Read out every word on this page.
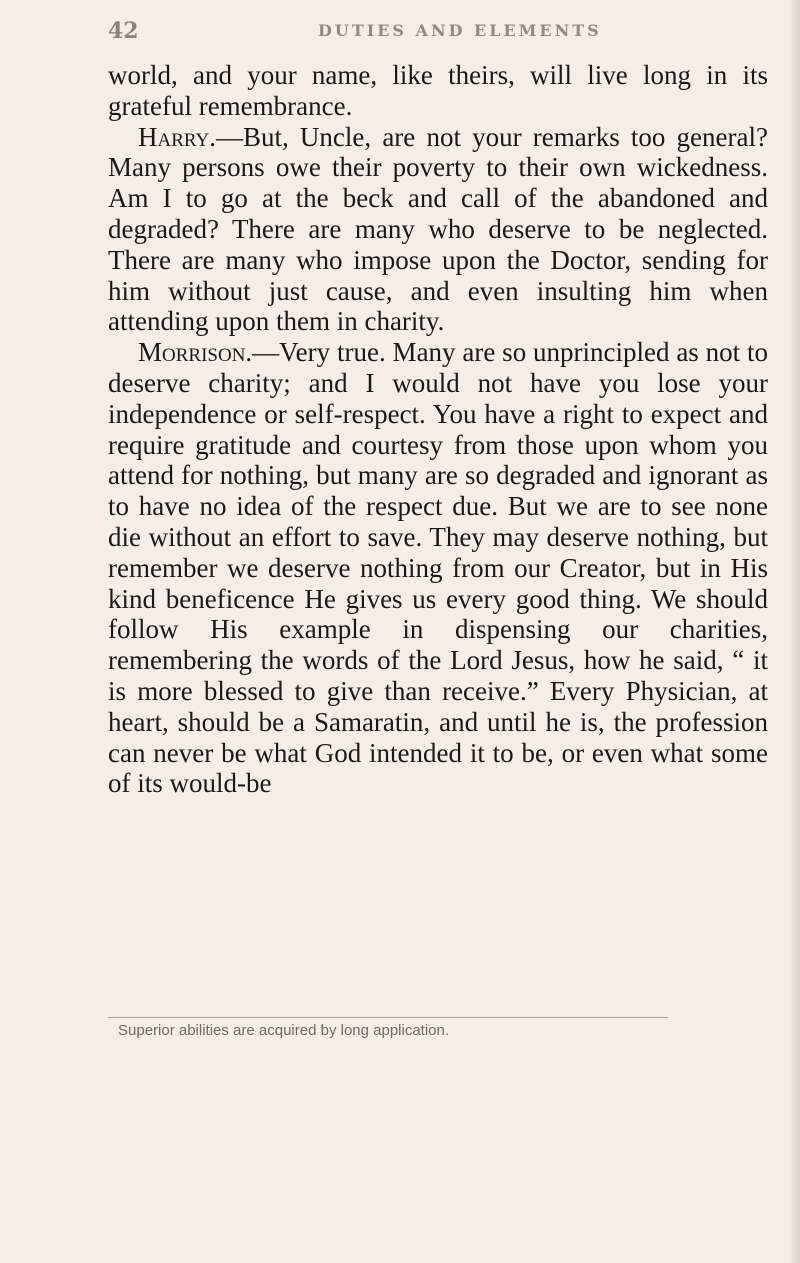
42	DUTIES AND ELEMENTS

world, and your name, like theirs, will live long in its grateful remembrance.

Harry.—But, Uncle, are not your remarks too general? Many persons owe their poverty to their own wickedness. Am I to go at the beck and call of the abandoned and degraded? There are many who deserve to be neglected. There are many who impose upon the Doctor, sending for him without just cause, and even insulting him when attending upon them in charity.

Morrison.—Very true. Many are so unprincipled as not to deserve charity; and I would not have you lose your independence or self-respect. You have a right to expect and require gratitude and courtesy from those upon whom you attend for nothing, but many are so degraded and ignorant as to have no idea of the respect due. But we are to see none die without an effort to save. They may deserve nothing, but remember we deserve nothing from our Creator, but in His kind beneficence He gives us every good thing. We should follow His example in dispensing our charities, remembering the words of the Lord Jesus, how he said, “ it is more blessed to give than receive.” Every Physician, at heart, should be a Samaratin, and until he is, the profession can never be what God intended it to be, or even what some of its would-be

Superior abilities are acquired by long application.
